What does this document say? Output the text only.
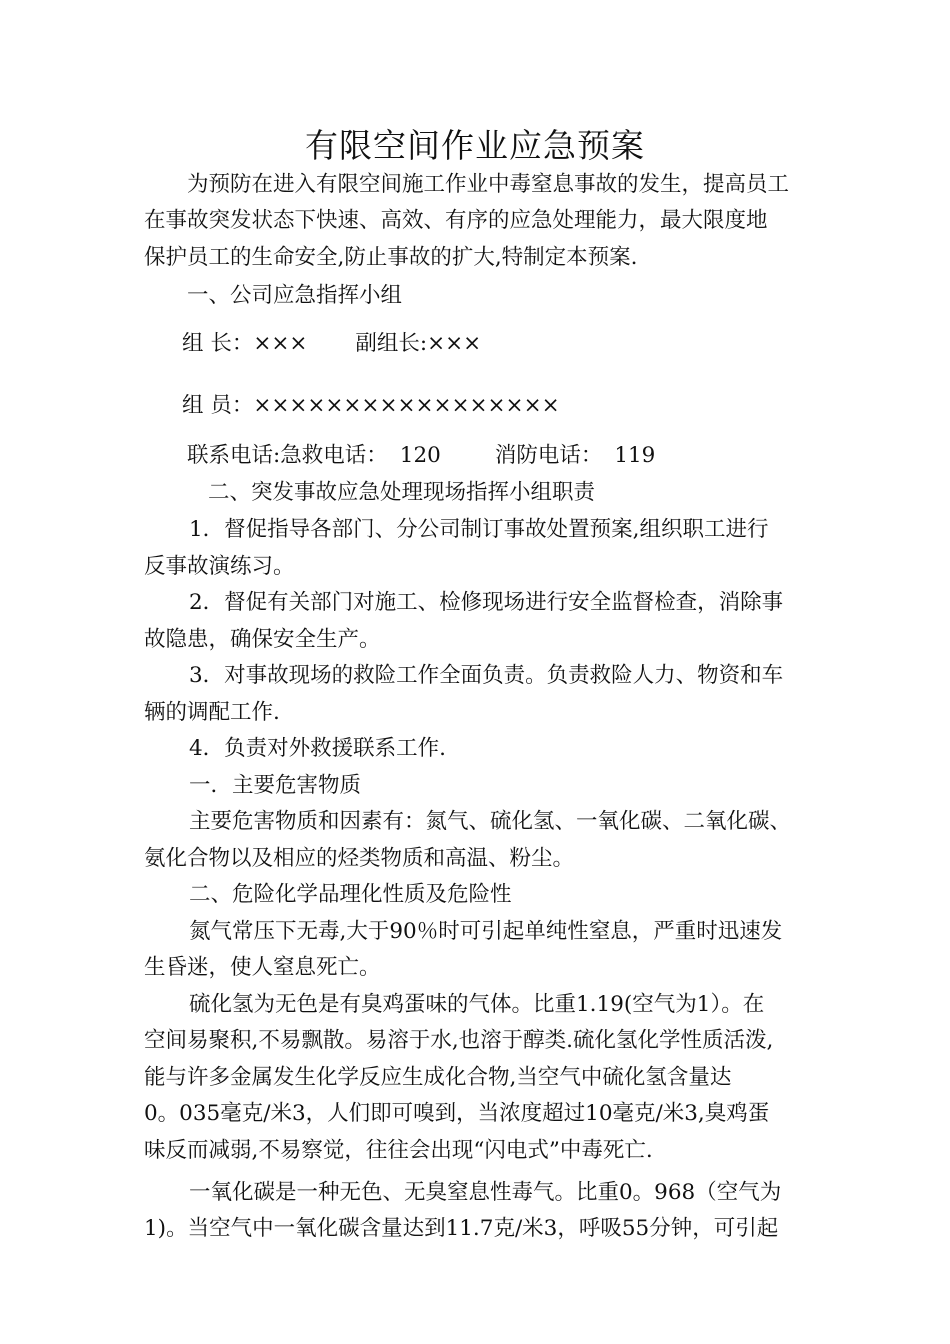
有限空间作业应急预案
为预防在进入有限空间施工作业中毒窒息事故的发生，提高员工
在事故突发状态下快速、高效、有序的应急处理能力，最大限度地
保护员工的生命安全,防止事故的扩大,特制定本预案.
一、公司应急指挥小组
组 长：××× 副组长:×××
组 员：×××××××××××××××××
联系电话:急救电话： 120	消防电话： 119
二、突发事故应急处理现场指挥小组职责
1．督促指导各部门、分公司制订事故处置预案,组织职工进行
反事故演练习。
2．督促有关部门对施工、检修现场进行安全监督检查，消除事
故隐患，确保安全生产。
3．对事故现场的救险工作全面负责。负责救险人力、物资和车
辆的调配工作.
4．负责对外救援联系工作.
一．主要危害物质
主要危害物质和因素有：氮气、硫化氢、一氧化碳、二氧化碳、
氨化合物以及相应的烃类物质和高温、粉尘。
二、危险化学品理化性质及危险性
氮气常压下无毒,大于90％时可引起单纯性窒息，严重时迅速发
生昏迷，使人窒息死亡。
硫化氢为无色是有臭鸡蛋味的气体。比重1.19(空气为1）。在
空间易聚积,不易飘散。易溶于水,也溶于醇类.硫化氢化学性质活泼,
能与许多金属发生化学反应生成化合物,当空气中硫化氢含量达
0。035毫克/米3，人们即可嗅到，当浓度超过10毫克/米3,臭鸡蛋
味反而减弱,不易察觉，往往会出现“闪电式”中毒死亡.
一氧化碳是一种无色、无臭窒息性毒气。比重0。968（空气为
1)。当空气中一氧化碳含量达到11.7克/米3，呼吸55分钟，可引起
